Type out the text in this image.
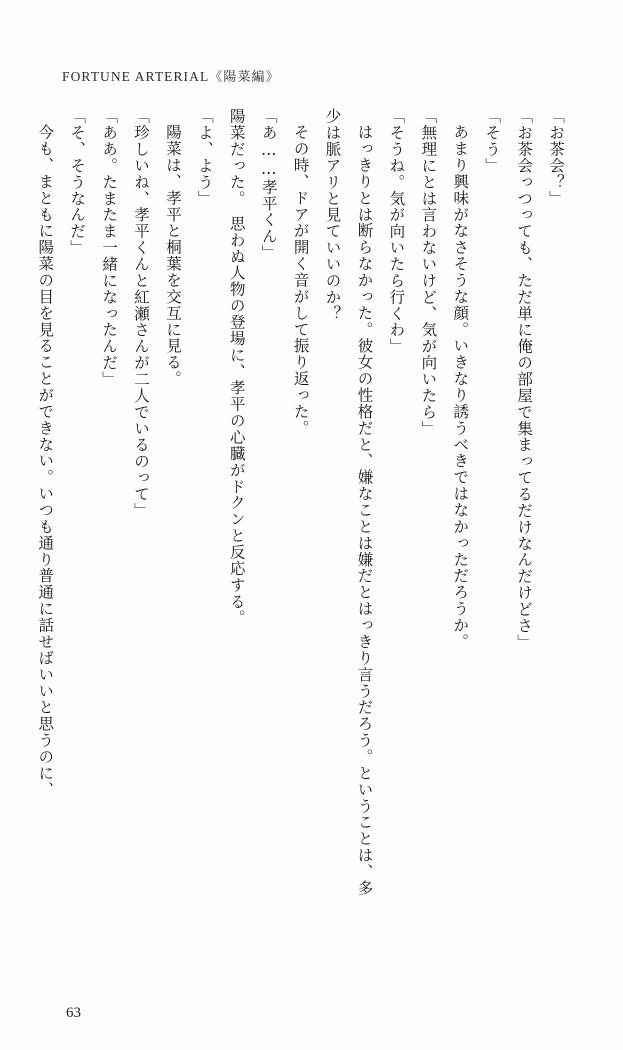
FORTUNE ARTERIAL《陽菜編》

「お茶会？」

「お茶会っつっても、ただ単に俺の部屋で集まってるだけなんだけどさ」

「そう」

あまり興味がなさそうな顔。いきなり誘うべきではなかっただろうか。

「無理にとは言わないけど、気が向いたら」

「そうね。気が向いたら行くわ」

はっきりとは断らなかった。彼女の性格だと、嫌なことは嫌だとはっきり言うだろう。ということは、多少は脈アリと見ていいのか？

その時、ドアが開く音がして振り返った。

「あ……孝平くん」

陽菜だった。　思わぬ人物の登場に、孝平の心臓がドクンと反応する。

「よ、よう」

陽菜は、孝平と桐葉を交互に見る。

「珍しいね、孝平くんと紅瀬さんが二人でいるのって」

「ああ。たまたま一緒になったんだ」

「そ、そうなんだ」

今も、まともに陽菜の目を見ることができない。いつも通り普通に話せばいいと思うのに、

63
